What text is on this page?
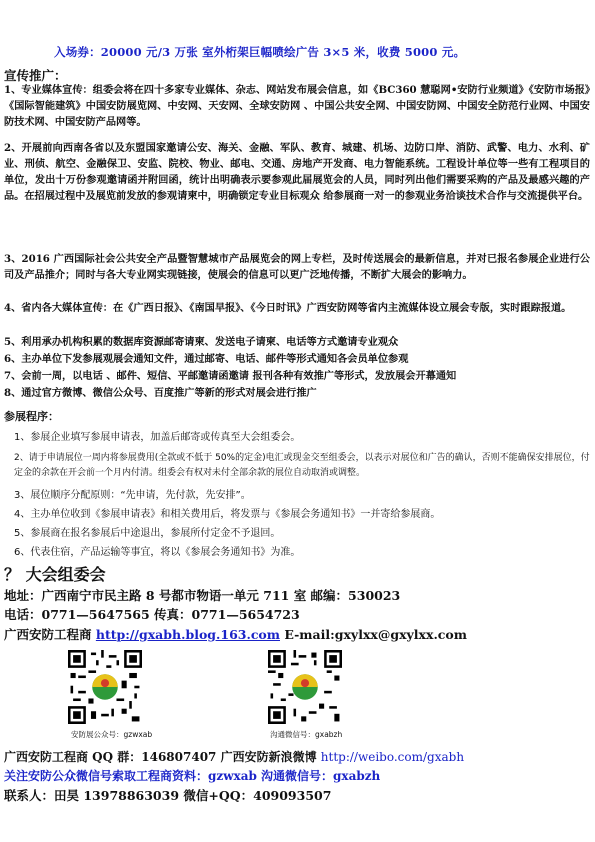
入场券：20000 元/3 万张 室外桁架巨幅喷绘广告 3×5 米，收费 5000 元。
宣传推广：
1、专业媒体宣传：组委会将在四十多家专业媒体、杂志、网站发布展会信息，如《BC360 慧聪网•安防行业频道》《安防市场报》《国际智能建筑》中国安防展览网、中安网、天安网、全球安防网 、中国公共安全网、中国安防网、中国安全防范行业网、中国安防技术网、中国安防产品网等。
2、开展前向西南各省以及东盟国家邀请公安、海关、金融、军队、教育、城建、机场、边防口岸、消防、武警、电力、水利、矿业、刑侦、航空、金融保卫、安监、院校、物业、邮电、交通、房地产开发商、电力智能系统。工程设计单位等一些有工程项目的单位，发出十万份参观邀请函并附回函，统计出明确表示要参观此届展览会的人员，同时列出他们需要采购的产品及最感兴趣的产品。在招展过程中及展览前发放的参观请柬中，明确锁定专业目标观众 给参展商一对一的参观业务洽谈技术合作与交流提供平台。
3、2016 广西国际社会公共安全产品暨智慧城市产品展览会的网上专栏，及时传送展会的最新信息，并对已报名参展企业进行公司及产品推介；同时与各大专业网实现链接，使展会的信息可以更广泛地传播，不断扩大展会的影响力。
4、省内各大媒体宣传：在《广西日报》、《南国早报》、《今日时讯》广西安防网等省内主流媒体设立展会专版，实时跟踪报道。
5、利用承办机构积累的数据库资源邮寄请柬、发送电子请柬、电话等方式邀请专业观众
6、主办单位下发参展观展会通知文件，通过邮寄、电话、邮件等形式通知各会员单位参观
7、会前一周，以电话 、邮件、短信、平邮邀请函邀请 报刊各种有效推广等形式，发放展会开幕通知
8、通过官方微博、微信公众号、百度推广等新的形式对展会进行推广
参展程序：
1、参展企业填写参展申请表，加盖后邮寄或传真至大会组委会。
2、请于申请展位一周内将参展费用(全款或不低于 50%的定金)电汇或现金交至组委会，以表示对展位和广告的确认，否则不能确保安排展位，付定金的余款在开会前一个月内付清。组委会有权对未付全部余款的展位自动取消或调整。
3、展位顺序分配原则：“先申请，先付款，先安排”。
4、主办单位收到《参展申请表》和相关费用后，将发票与《参展会务通知书》一并寄给参展商。
5、参展商在报名参展后中途退出，参展所付定金不予退回。
6、代表住宿，产品运输等事宜，将以《参展会务通知书》为准。
？ 大会组委会
地址：广西南宁市民主路 8 号都市物语一单元 711 室 邮编：530023
电话：0771—5647565 传真：0771—5654723
广西安防工程商 http://gxabh.blog.163.com E-mail:gxylxx@gxylxx.com
安防展公众号：gzwxab	沟通微信号：gxabzh
广西安防工程商 QQ 群：146807407 广西安防新浪微博 http://weibo.com/gxabh
关注安防公众微信号索取工程商资料：gzwxab 沟通微信号：gxabzh
联系人：田昊 13978863039 微信+QQ：409093507
